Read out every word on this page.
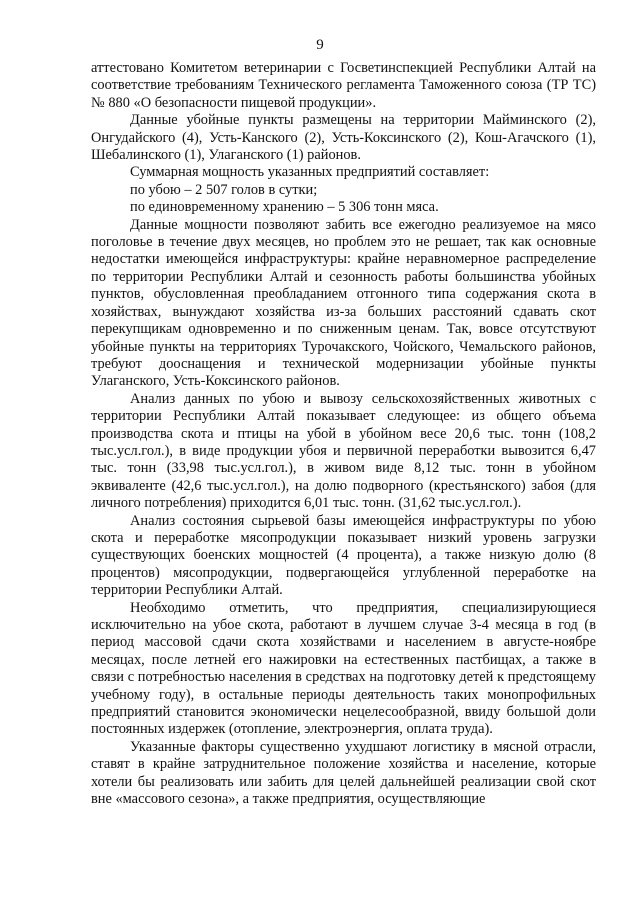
9

аттестовано Комитетом ветеринарии с Госветинспекцией Республики Алтай на соответствие требованиям Технического регламента Таможенного союза (ТР ТС) № 880 «О безопасности пищевой продукции».

Данные убойные пункты размещены на территории Майминского (2), Онгудайского (4), Усть-Канского (2), Усть-Коксинского (2), Кош-Агачского (1), Шебалинского (1), Улаганского (1) районов.

Суммарная мощность указанных предприятий составляет:

по убою – 2 507 голов в сутки;

по единовременному хранению – 5 306 тонн мяса.

Данные мощности позволяют забить все ежегодно реализуемое на мясо поголовье в течение двух месяцев, но проблем это не решает, так как основные недостатки имеющейся инфраструктуры: крайне неравномерное распределение по территории Республики Алтай и сезонность работы большинства убойных пунктов, обусловленная преобладанием отгонного типа содержания скота в хозяйствах, вынуждают хозяйства из-за больших расстояний сдавать скот перекупщикам одновременно и по сниженным ценам. Так, вовсе отсутствуют убойные пункты на территориях Турочакского, Чойского, Чемальского районов, требуют дооснащения и технической модернизации убойные пункты Улаганского, Усть-Коксинского районов.

Анализ данных по убою и вывозу сельскохозяйственных животных с территории Республики Алтай показывает следующее: из общего объема производства скота и птицы на убой в убойном весе 20,6 тыс. тонн (108,2 тыс.усл.гол.), в виде продукции убоя и первичной переработки вывозится 6,47 тыс. тонн (33,98 тыс.усл.гол.), в живом виде 8,12 тыс. тонн в убойном эквиваленте (42,6 тыс.усл.гол.), на долю подворного (крестьянского) забоя (для личного потребления) приходится 6,01 тыс. тонн. (31,62 тыс.усл.гол.).

Анализ состояния сырьевой базы имеющейся инфраструктуры по убою скота и переработке мясопродукции показывает низкий уровень загрузки существующих боенских мощностей (4 процента), а также низкую долю (8 процентов) мясопродукции, подвергающейся углубленной переработке на территории Республики Алтай.

Необходимо отметить, что предприятия, специализирующиеся исключительно на убое скота, работают в лучшем случае 3-4 месяца в год (в период массовой сдачи скота хозяйствами и населением в августе-ноябре месяцах, после летней его нажировки на естественных пастбищах, а также в связи с потребностью населения в средствах на подготовку детей к предстоящему учебному году), в остальные периоды деятельность таких монопрофильных предприятий становится экономически нецелесообразной, ввиду большой доли постоянных издержек (отопление, электроэнергия, оплата труда).

Указанные факторы существенно ухудшают логистику в мясной отрасли, ставят в крайне затруднительное положение хозяйства и население, которые хотели бы реализовать или забить для целей дальнейшей реализации свой скот вне «массового сезона», а также предприятия, осуществляющие
